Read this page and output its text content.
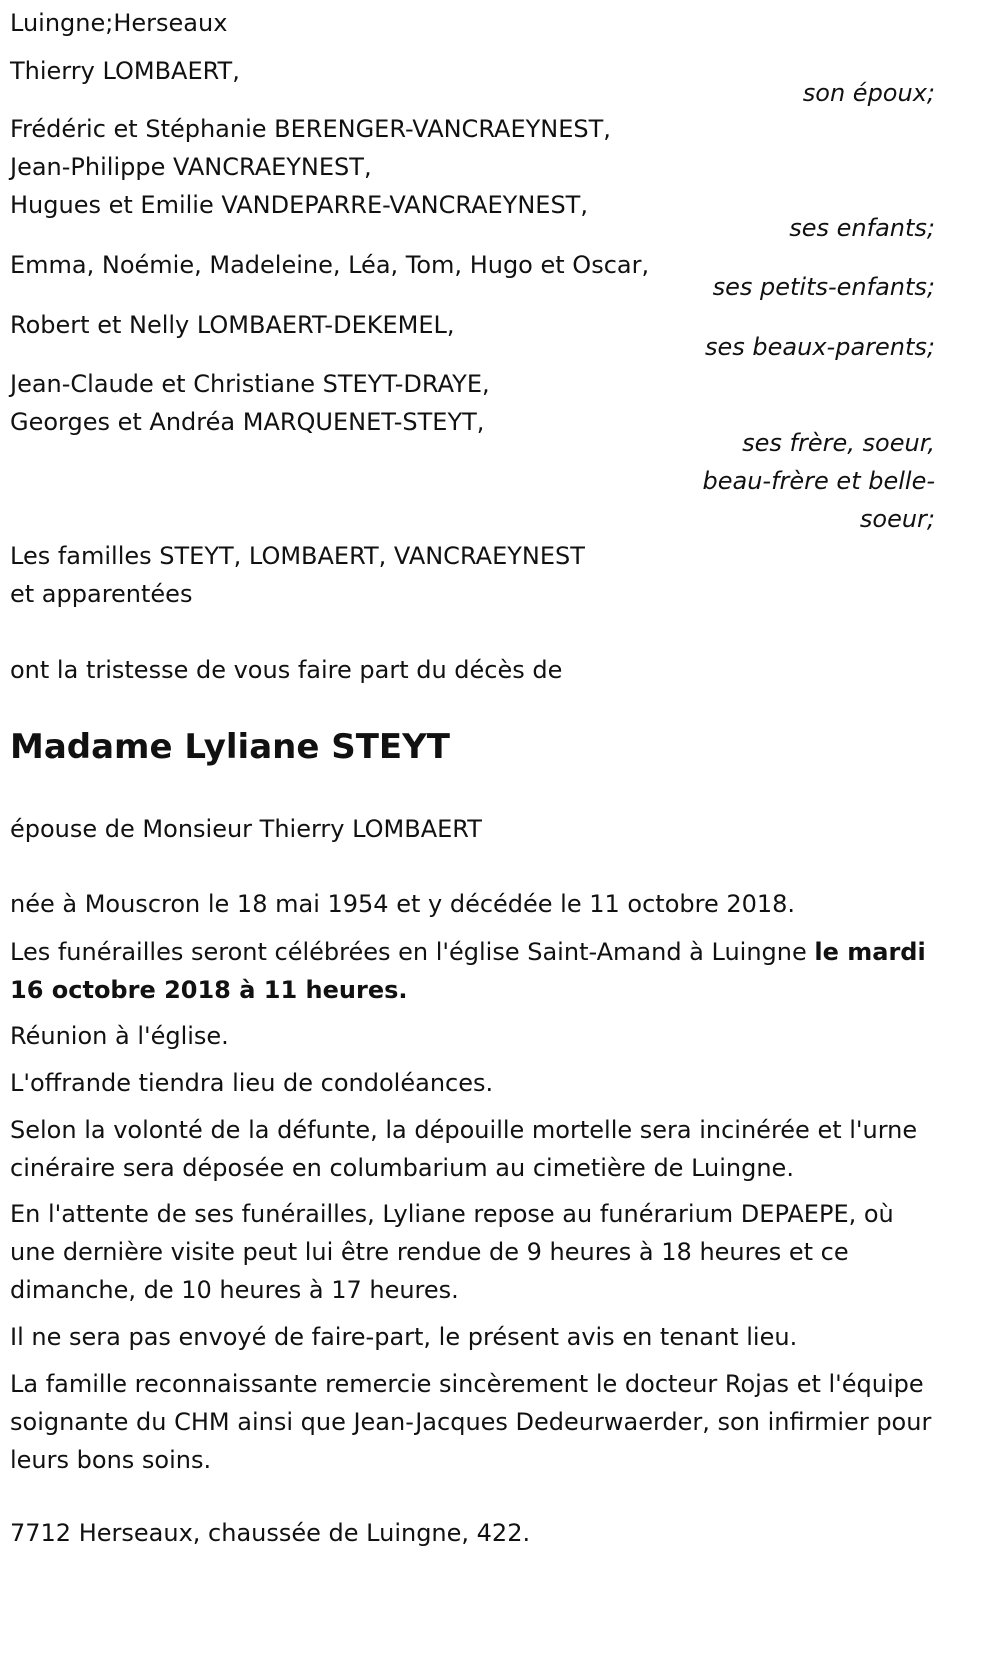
Luingne;Herseaux
Thierry LOMBAERT,
son époux;
Frédéric et Stéphanie BERENGER-VANCRAEYNEST,
Jean-Philippe VANCRAEYNEST,
Hugues et Emilie VANDEPARRE-VANCRAEYNEST,
ses enfants;
Emma, Noémie, Madeleine, Léa, Tom, Hugo et Oscar,
ses petits-enfants;
Robert et Nelly LOMBAERT-DEKEMEL,
ses beaux-parents;
Jean-Claude et Christiane STEYT-DRAYE,
Georges et Andréa MARQUENET-STEYT,
ses frère, soeur,
beau-frère et belle-
soeur;
Les familles STEYT, LOMBAERT, VANCRAEYNEST
et apparentées
ont la tristesse de vous faire part du décès de
Madame Lyliane STEYT
épouse de Monsieur Thierry LOMBAERT
née à Mouscron le 18 mai 1954 et y décédée le 11 octobre 2018.
Les funérailles seront célébrées en l'église Saint-Amand à Luingne le mardi 16 octobre 2018 à 11 heures.
Réunion à l'église.
L'offrande tiendra lieu de condoléances.
Selon la volonté de la défunte, la dépouille mortelle sera incinérée et l'urne cinéraire sera déposée en columbarium au cimetière de Luingne.
En l'attente de ses funérailles, Lyliane repose au funérarium DEPAEPE, où une dernière visite peut lui être rendue de 9 heures à 18 heures et ce dimanche, de 10 heures à 17 heures.
Il ne sera pas envoyé de faire-part, le présent avis en tenant lieu.
La famille reconnaissante remercie sincèrement le docteur Rojas et l'équipe soignante du CHM ainsi que Jean-Jacques Dedeurwaerder, son infirmier pour leurs bons soins.
7712 Herseaux, chaussée de Luingne, 422.
